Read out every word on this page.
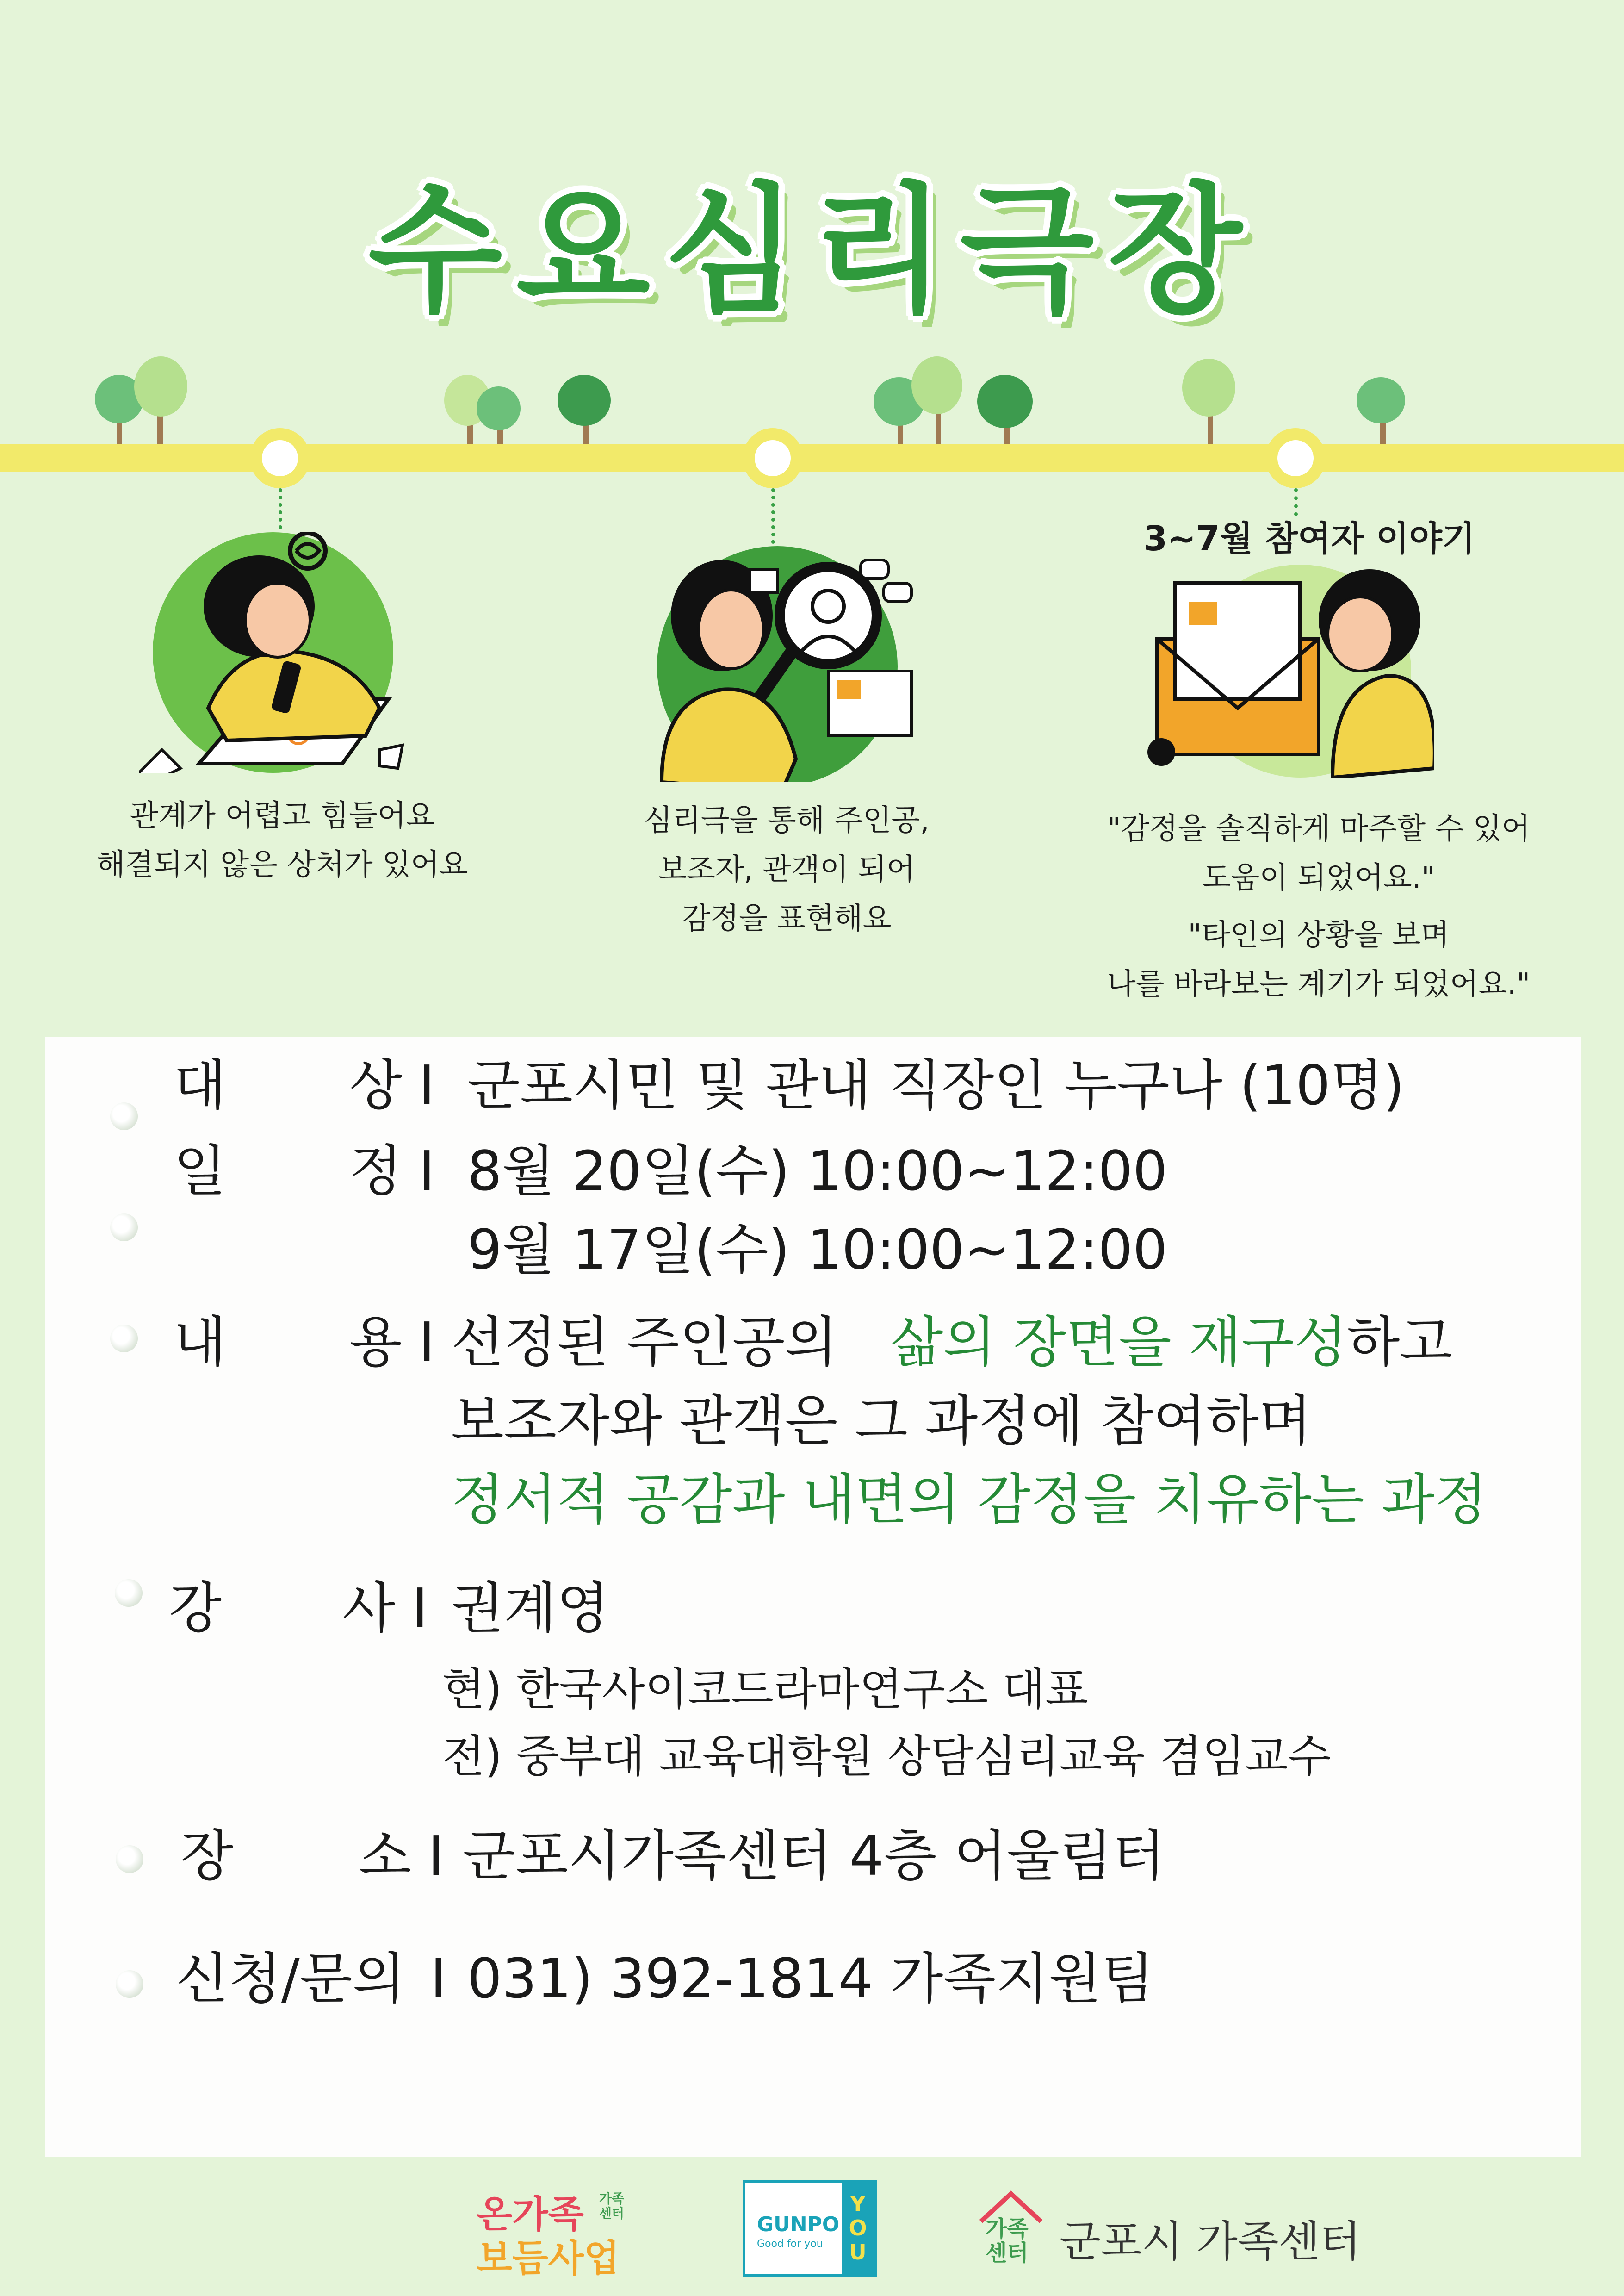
수요심리극장
3~7월 참여자 이야기
관계가 어렵고 힘들어요
해결되지 않은 상처가 있어요
심리극을 통해 주인공,
보조자, 관객이 되어
감정을 표현해요
"감정을 솔직하게 마주할 수 있어
도움이 되었어요."
"타인의 상황을 보며
나를 바라보는 계기가 되었어요."
대 상 I 군포시민 및 관내 직장인 누구나 (10명)
일 정 I 8월 20일(수) 10:00~12:00
9월 17일(수) 10:00~12:00
내 용 I 선정된 주인공의ㅤ삶의 장면을 재구성하고
보조자와 관객은 그 과정에 참여하며
정서적 공감과 내면의 감정을 치유하는 과정
강 사 I 권계영
현) 한국사이코드라마연구소 대표
전) 중부대 교육대학원 상담심리교육 겸임교수
장 소 I 군포시가족센터 4층 어울림터
신청/문의 I 031) 392-1814 가족지원팀
온가족
보듬사업
가족센터	GUNPO
Good for you
YOU
가족센터 군포시 가족센터
